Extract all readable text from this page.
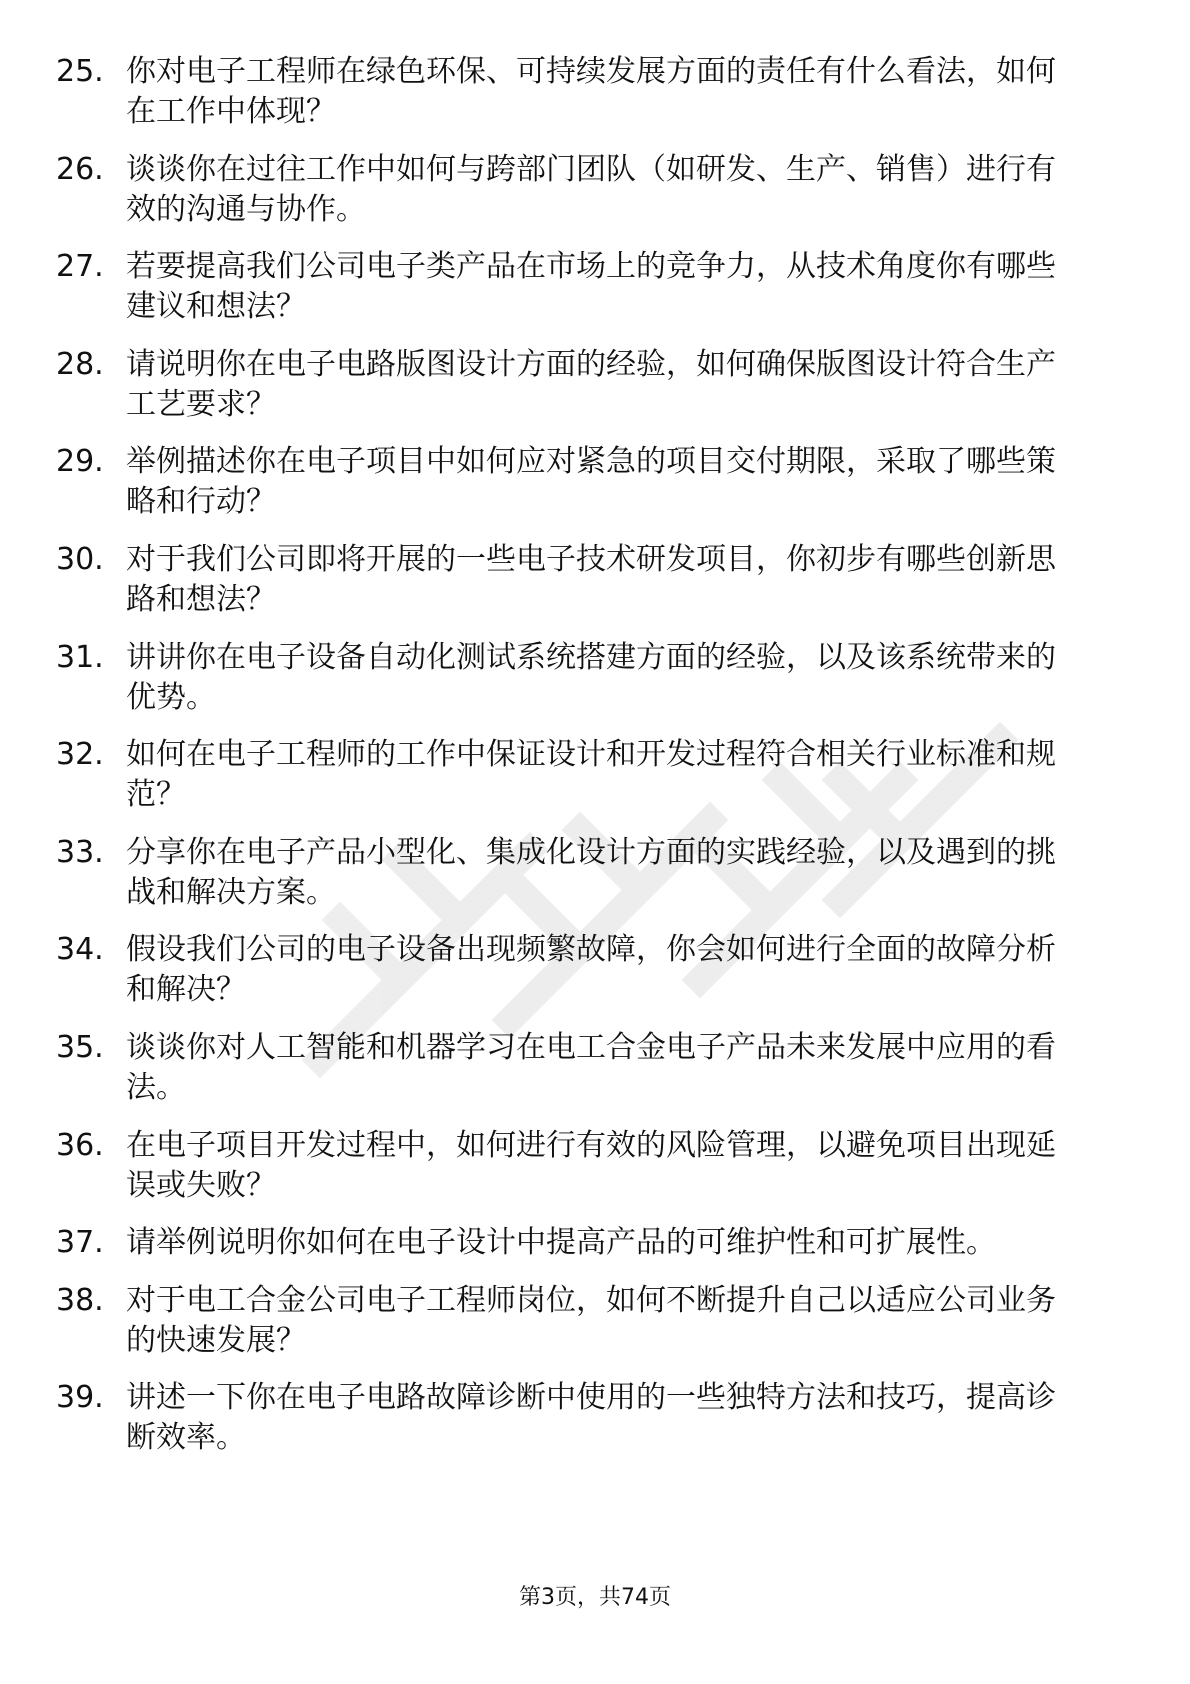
25. 你对电子工程师在绿色环保、可持续发展方面的责任有什么看法，如何在工作中体现？
26. 谈谈你在过往工作中如何与跨部门团队（如研发、生产、销售）进行有效的沟通与协作。
27. 若要提高我们公司电子类产品在市场上的竞争力，从技术角度你有哪些建议和想法？
28. 请说明你在电子电路版图设计方面的经验，如何确保版图设计符合生产工艺要求？
29. 举例描述你在电子项目中如何应对紧急的项目交付期限，采取了哪些策略和行动？
30. 对于我们公司即将开展的一些电子技术研发项目，你初步有哪些创新思路和想法？
31. 讲讲你在电子设备自动化测试系统搭建方面的经验，以及该系统带来的优势。
32. 如何在电子工程师的工作中保证设计和开发过程符合相关行业标准和规范？
33. 分享你在电子产品小型化、集成化设计方面的实践经验，以及遇到的挑战和解决方案。
34. 假设我们公司的电子设备出现频繁故障，你会如何进行全面的故障分析和解决？
35. 谈谈你对人工智能和机器学习在电工合金电子产品未来发展中应用的看法。
36. 在电子项目开发过程中，如何进行有效的风险管理，以避免项目出现延误或失败？
37. 请举例说明你如何在电子设计中提高产品的可维护性和可扩展性。
38. 对于电工合金公司电子工程师岗位，如何不断提升自己以适应公司业务的快速发展？
39. 讲述一下你在电子电路故障诊断中使用的一些独特方法和技巧，提高诊断效率。
第3页，共74页
